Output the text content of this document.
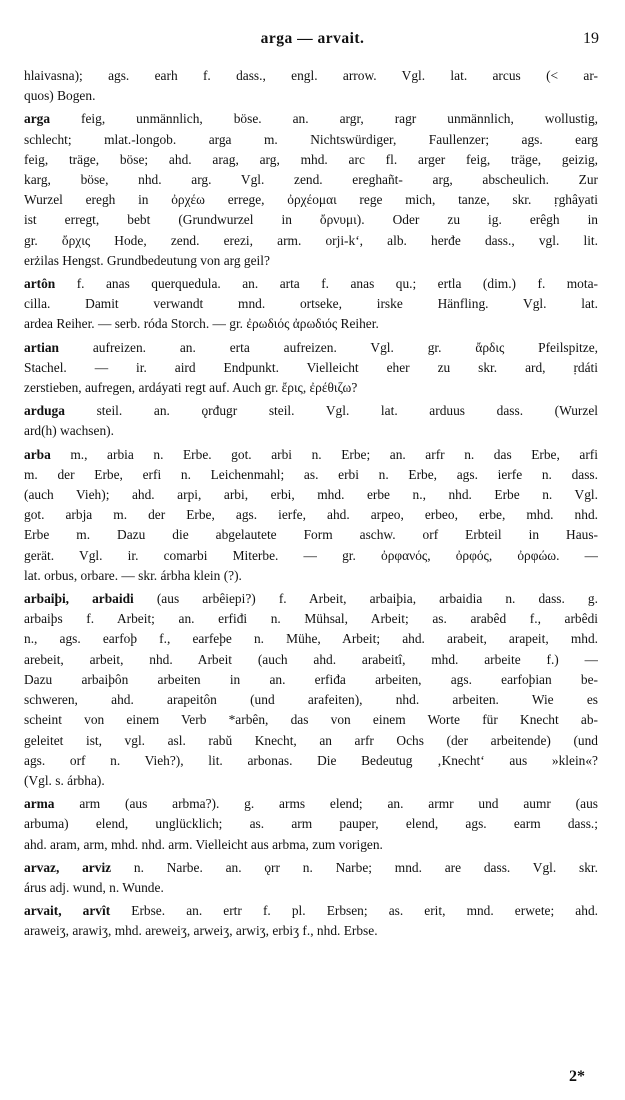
arga — arvait.	19
hlaivasna); ags. earh f. dass., engl. arrow. Vgl. lat. arcus (< ar-
quos) Bogen.
arga feig, unmännlich, böse. an. argr, ragr unmännlich, wollustig,
schlecht; mlat.-longob. arga m. Nichtswürdiger, Faullenzer; ags. earg
feig, träge, böse; ahd. arag, arg, mhd. arc fl. arger feig, träge, geizig,
karg, böse, nhd. arg. Vgl. zend. ereghañt- arg, abscheulich. Zur
Wurzel eregh in ὀρχέω errege, ὀρχέομαι rege mich, tanze, skr. ṛghâyati
ist erregt, bebt (Grundwurzel in ὄρνυμι). Oder zu ig. erêgh in
gr. ὄρχις Hode, zend. erezi, arm. orji-kʻ, alb. herđe dass., vgl. lit.
erżilas Hengst. Grundbedeutung von arg geil?
artôn f. anas querquedula. an. arta f. anas qu.; ertla (dim.) f. mota-
cilla. Damit verwandt mnd. ortseke, irske Hänfling. Vgl. lat.
ardea Reiher. — serb. róda Storch. — gr. ἐρωδιός ἀρωδιός Reiher.
artian	aufreizen. an. erta aufreizen. Vgl. gr. ἄρδις Pfeilspitze,
Stachel. — ir. aird Endpunkt. Vielleicht eher zu skr. ard, ṛdáti
zerstieben, aufregen, ardáyati regt auf. Auch gr. ἔρις, ἐρέθιζω?
arduga steil. an. ǫrđugr steil. Vgl. lat. arduus dass. (Wurzel
ard(h) wachsen).
arba m., arbia n. Erbe. got. arbi n. Erbe; an. arfr n. das Erbe, arfi
m. der Erbe, erfi n. Leichenmahl; as. erbi n. Erbe, ags. ierfe n. dass.
(auch Vieh); ahd. arpi, arbi, erbi, mhd. erbe n., nhd. Erbe n. Vgl.
got. arbja m. der Erbe, ags. ierfe, ahd. arpeo, erbeo, erbe, mhd. nhd.
Erbe m. Dazu die abgelautete Form aschw. orf Erbteil in Haus-
gerät. Vgl. ir. comarbi Miterbe. — gr. ὀρφανός, ὀρφός, ὀρφώω. —
lat. orbus, orbare. — skr. árbha klein (?).
arbaiþi, arbaidi (aus arbêiepi?) f. Arbeit, arbaiþia, arbaidia n. dass. g.
arbaiþs f. Arbeit; an. erfiđi n. Mühsal, Arbeit; as. arabêd f., arbêdi
n., ags. earfoþ f., earfeþe n. Mühe, Arbeit; ahd. arabeit, arapeit, mhd.
arebeit, arbeit, nhd. Arbeit (auch ahd. arabeitî, mhd. arbeite f.) —
Dazu arbaiþôn arbeiten in an. erfiđa arbeiten, ags. earfoþian be-
schweren, ahd. arapeitôn (und arafeiten), nhd. arbeiten. Wie es
scheint von einem Verb *arbên, das von einem Worte für Knecht ab-
geleitet ist, vgl. asl. rabŭ Knecht, an arfr Ochs (der arbeitende) (und
ags. orf n. Vieh?), lit. arbonas. Die Bedeutug ‚Knecht‘ aus »klein«?
(Vgl. s. árbha).
arma arm (aus arbma?). g. arms elend; an. armr und aumr (aus
arbuma) elend, unglücklich; as. arm pauper, elend, ags. earm dass.;
ahd. aram, arm, mhd. nhd. arm. Vielleicht aus arbma, zum vorigen.
arvaz, arviz n. Narbe. an. ǫrr n. Narbe; mnd. are dass. Vgl. skr.
árus adj. wund, n. Wunde.
arvait, arvît Erbse. an. ertr f. pl. Erbsen; as. erit, mnd. erwete; ahd.
araweiʒ, arawiʒ, mhd. areweiʒ, arweiʒ, arwiʒ, erbiʒ f., nhd. Erbse.
2*
